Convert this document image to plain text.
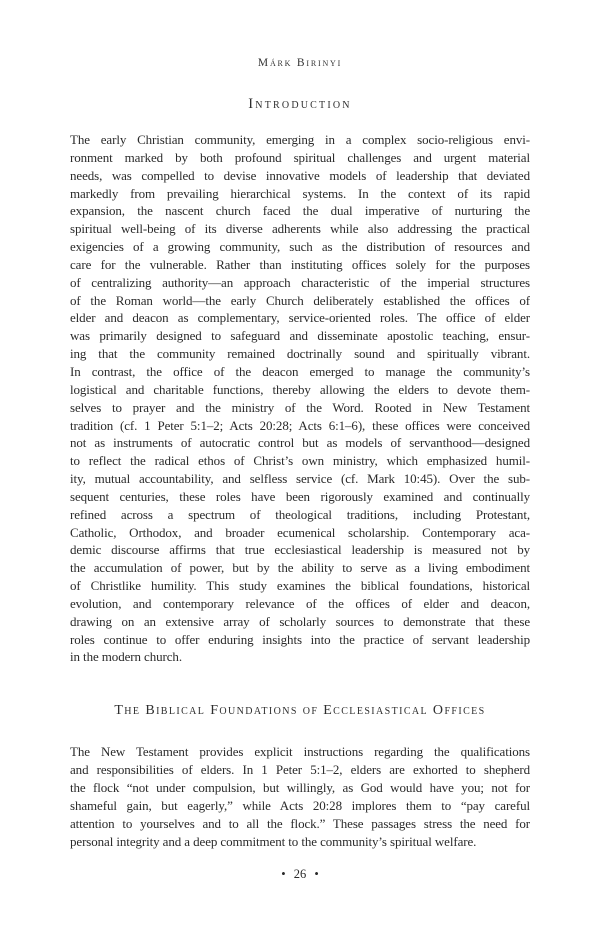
Márk Birinyi
Introduction
The early Christian community, emerging in a complex socio-religious envi-
ronment marked by both profound spiritual challenges and urgent material
needs, was compelled to devise innovative models of leadership that deviated
markedly from prevailing hierarchical systems. In the context of its rapid
expansion, the nascent church faced the dual imperative of nurturing the
spiritual well-being of its diverse adherents while also addressing the practical
exigencies of a growing community, such as the distribution of resources and
care for the vulnerable. Rather than instituting offices solely for the purposes
of centralizing authority—an approach characteristic of the imperial structures
of the Roman world—the early Church deliberately established the offices of
elder and deacon as complementary, service-oriented roles. The office of elder
was primarily designed to safeguard and disseminate apostolic teaching, ensur-
ing that the community remained doctrinally sound and spiritually vibrant.
In contrast, the office of the deacon emerged to manage the community’s
logistical and charitable functions, thereby allowing the elders to devote them-
selves to prayer and the ministry of the Word. Rooted in New Testament
tradition (cf. 1 Peter 5:1–2; Acts 20:28; Acts 6:1–6), these offices were conceived
not as instruments of autocratic control but as models of servanthood—designed
to reflect the radical ethos of Christ’s own ministry, which emphasized humil-
ity, mutual accountability, and selfless service (cf. Mark 10:45). Over the sub-
sequent centuries, these roles have been rigorously examined and continually
refined across a spectrum of theological traditions, including Protestant,
Catholic, Orthodox, and broader ecumenical scholarship. Contemporary aca-
demic discourse affirms that true ecclesiastical leadership is measured not by
the accumulation of power, but by the ability to serve as a living embodiment
of Christlike humility. This study examines the biblical foundations, historical
evolution, and contemporary relevance of the offices of elder and deacon,
drawing on an extensive array of scholarly sources to demonstrate that these
roles continue to offer enduring insights into the practice of servant leadership
in the modern church.
The Biblical Foundations of Ecclesiastical Offices
The New Testament provides explicit instructions regarding the qualifications
and responsibilities of elders. In 1 Peter 5:1–2, elders are exhorted to shepherd
the flock “not under compulsion, but willingly, as God would have you; not for
shameful gain, but eagerly,” while Acts 20:28 implores them to “pay careful
attention to yourselves and to all the flock.” These passages stress the need for
personal integrity and a deep commitment to the community’s spiritual welfare.
• 26 •
